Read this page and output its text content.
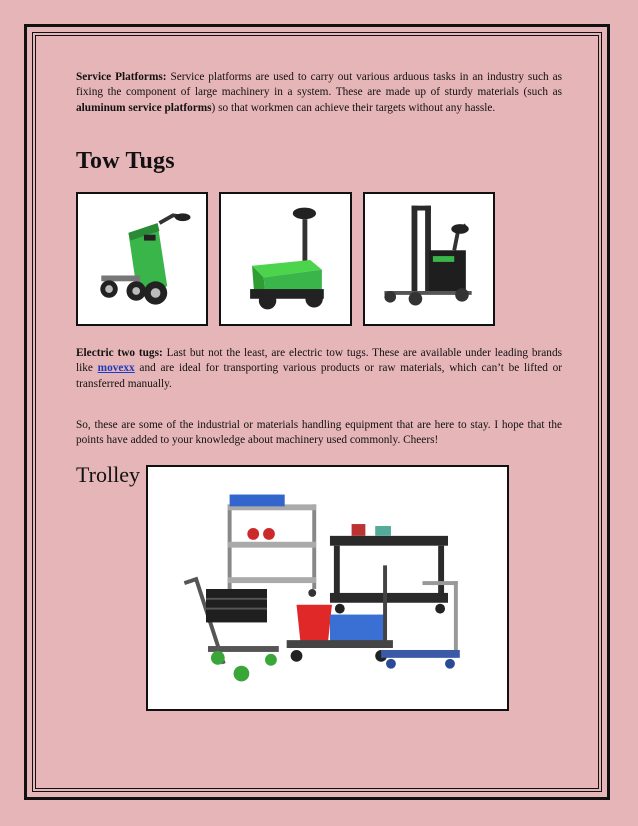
Service Platforms: Service platforms are used to carry out various arduous tasks in an industry such as fixing the component of large machinery in a system. These are made up of sturdy materials (such as aluminum service platforms) so that workmen can achieve their targets without any hassle.

Tow Tugs

Electric two tugs: Last but not the least, are electric tow tugs. These are available under leading brands like movexx and are ideal for transporting various products or raw materials, which can’t be lifted or transferred manually.

So, these are some of the industrial or materials handling equipment that are here to stay. I hope that the points have added to your knowledge about machinery used commonly. Cheers!

Trolley
